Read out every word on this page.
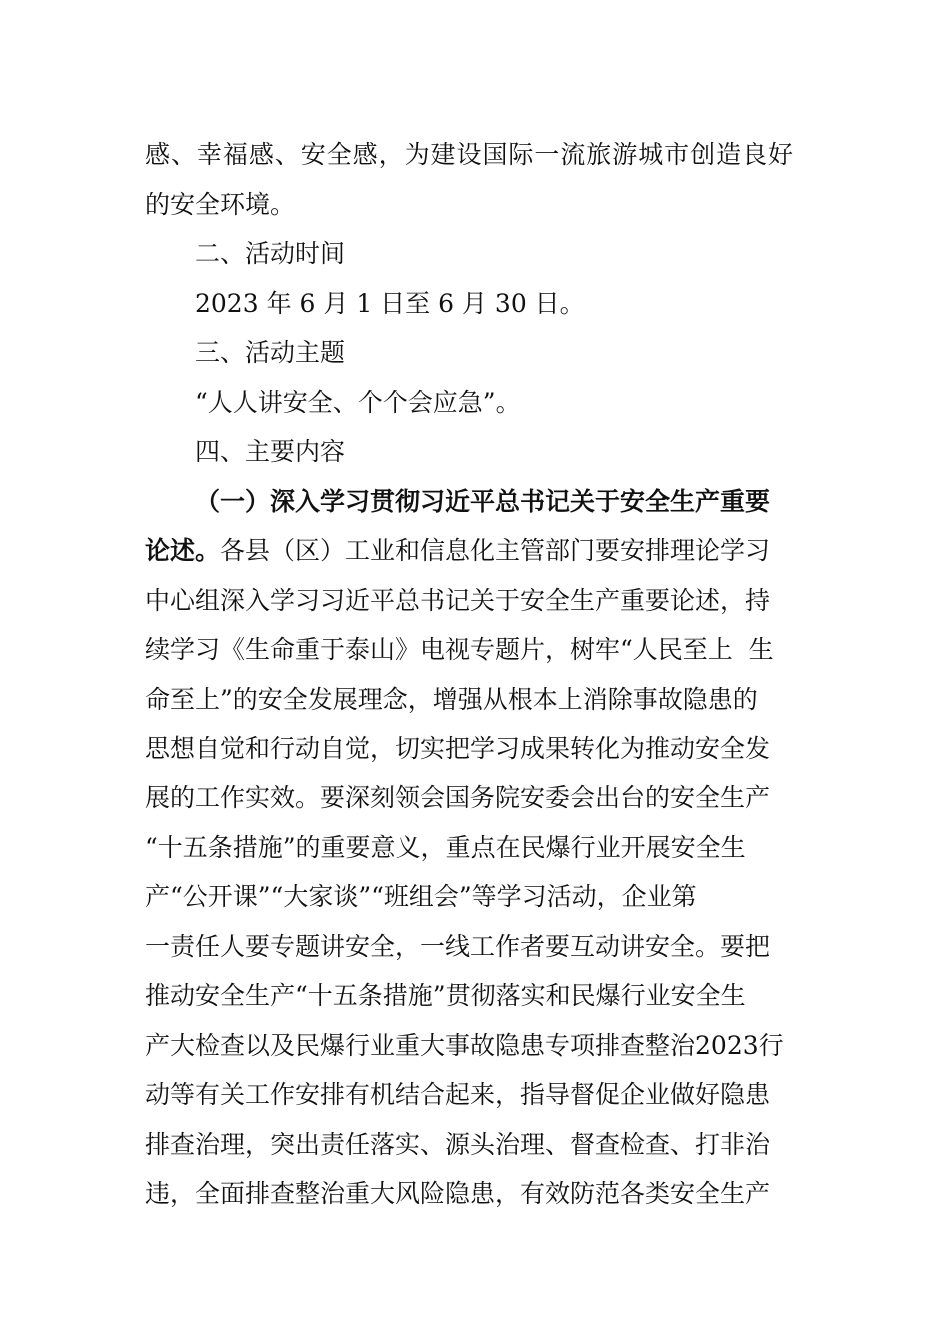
感、幸福感、安全感，为建设国际一流旅游城市创造良好
的安全环境。
二、活动时间
2023 年 6 月 1 日至 6 月 30 日。
三、活动主题
“人人讲安全、个个会应急”。
四、主要内容
（一）深入学习贯彻习近平总书记关于安全生产重要
论述。各县（区）工业和信息化主管部门要安排理论学习
中心组深入学习习近平总书记关于安全生产重要论述，持
续学习《生命重于泰山》电视专题片，树牢“人民至上  生
命至上”的安全发展理念，增强从根本上消除事故隐患的
思想自觉和行动自觉，切实把学习成果转化为推动安全发
展的工作实效。要深刻领会国务院安委会出台的安全生产
“十五条措施”的重要意义，重点在民爆行业开展安全生
产“公开课”“大家谈”“班组会”等学习活动，企业第
一责任人要专题讲安全，一线工作者要互动讲安全。要把
推动安全生产“十五条措施”贯彻落实和民爆行业安全生
产大检查以及民爆行业重大事故隐患专项排查整治2023行
动等有关工作安排有机结合起来，指导督促企业做好隐患
排查治理，突出责任落实、源头治理、督查检查、打非治
违，全面排查整治重大风险隐患，有效防范各类安全生产
